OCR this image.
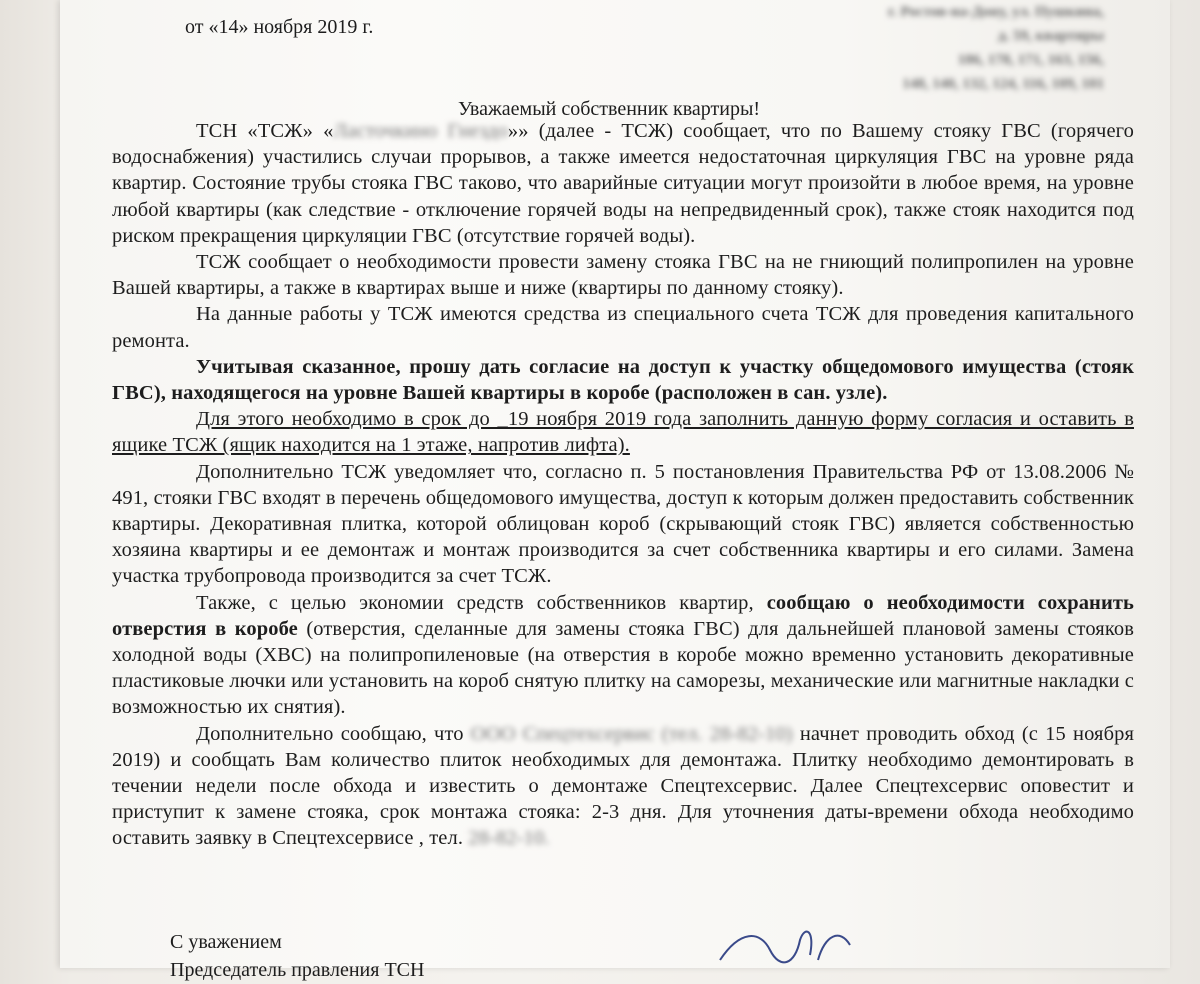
от «14» ноября 2019 г.
г. Ростов-на-Дону, ул. Пушкина,
д. 59, квартиры
186, 178, 171, 163, 156,
148, 140, 132, 124, 116, 109, 101
Уважаемый собственник квартиры!

ТСН «ТСЖ» «Ласточкино Гнездо»» (далее - ТСЖ) сообщает, что по Вашему стояку ГВС (горячего водоснабжения) участились случаи прорывов, а также имеется недостаточная циркуляция ГВС на уровне ряда квартир. Состояние трубы стояка ГВС таково, что аварийные ситуации могут произойти в любое время, на уровне любой квартиры (как следствие - отключение горячей воды на непредвиденный срок), также стояк находится под риском прекращения циркуляции ГВС (отсутствие горячей воды).

ТСЖ сообщает о необходимости провести замену стояка ГВС на не гниющий полипропилен на уровне Вашей квартиры, а также в квартирах выше и ниже (квартиры по данному стояку).

На данные работы у ТСЖ имеются средства из специального счета ТСЖ для проведения капитального ремонта.

Учитывая сказанное, прошу дать согласие на доступ к участку общедомового имущества (стояк ГВС), находящегося на уровне Вашей квартиры в коробе (расположен в сан. узле).

Для этого необходимо в срок до _19 ноября 2019 года заполнить данную форму согласия и оставить в ящике ТСЖ (ящик находится на 1 этаже, напротив лифта).

Дополнительно ТСЖ уведомляет что, согласно п. 5 постановления Правительства РФ от 13.08.2006 № 491, стояки ГВС входят в перечень общедомового имущества, доступ к которым должен предоставить собственник квартиры. Декоративная плитка, которой облицован короб (скрывающий стояк ГВС) является собственностью хозяина квартиры и ее демонтаж и монтаж производится за счет собственника квартиры и его силами. Замена участка трубопровода производится за счет ТСЖ.

Также, с целью экономии средств собственников квартир, сообщаю о необходимости сохранить отверстия в коробе (отверстия, сделанные для замены стояка ГВС) для дальнейшей плановой замены стояков холодной воды (ХВС) на полипропиленовые (на отверстия в коробе можно временно установить декоративные пластиковые лючки или установить на короб снятую плитку на саморезы, механические или магнитные накладки с возможностью их снятия).

Дополнительно сообщаю, что ООО Спецтехсервис (тел. 28-82-10) начнет проводить обход (с 15 ноября 2019) и сообщать Вам количество плиток необходимых для демонтажа. Плитку необходимо демонтировать в течении недели после обхода и известить о демонтаже Спецтехсервис. Далее Спецтехсервис оповестит и приступит к замене стояка, срок монтажа стояка: 2-3 дня. Для уточнения даты-времени обхода необходимо оставить заявку в Спецтехсервисе , тел. 28-82-10.

С уважением
Председатель правления ТСН
